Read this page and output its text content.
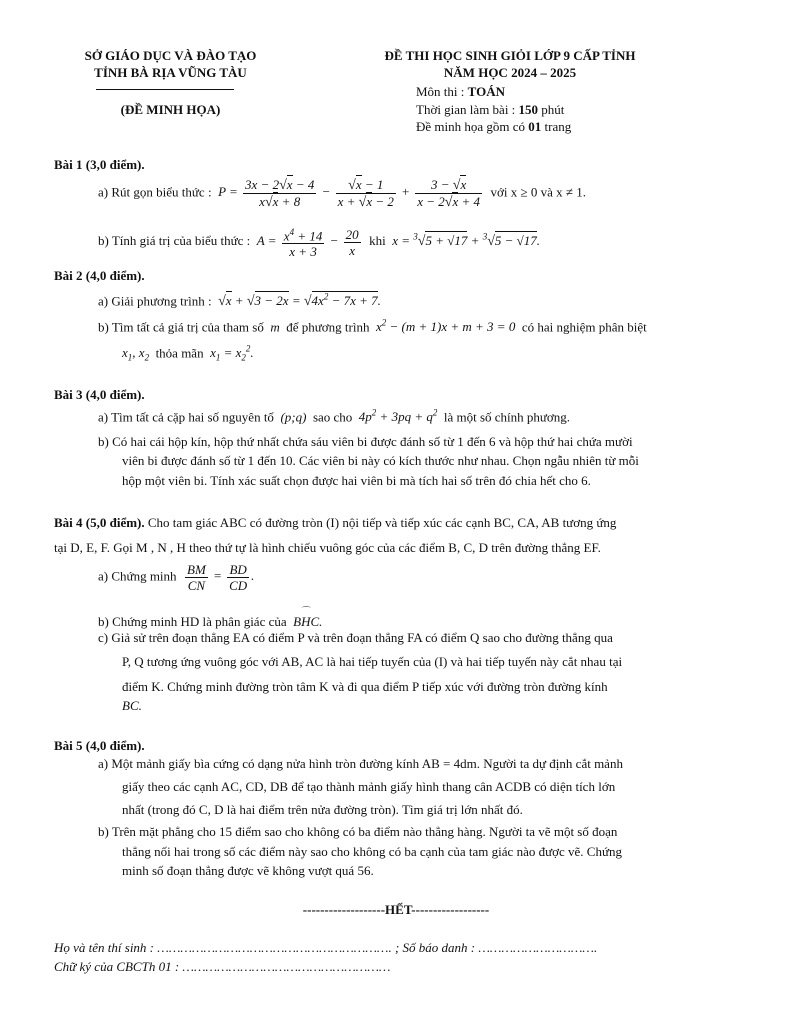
SỞ GIÁO DỤC VÀ ĐÀO TẠO
TỈNH BÀ RỊA VŨNG TÀU
(ĐỀ MINH HỌA)
ĐỀ THI HỌC SINH GIỎI LỚP 9 CẤP TỈNH
NĂM HỌC 2024 – 2025
Môn thi : TOÁN
Thời gian làm bài : 150 phút
Đề minh họa gồm có 01 trang
Bài 1 (3,0 điểm).
a) Rút gọn biểu thức :  $P = \frac{3x - 2√x - 4}{x√x + 8} - \frac{√x - 1}{x + √x - 2} + \frac{3 - √x}{x - 2√x + 4}$ với x ≥ 0 và x ≠ 1.
b) Tính giá trị của biểu thức :  $A = \frac{x^4 + 14}{x + 3} - \frac{20}{x}$ khi  x = $^3$√5 + √17 + $^3$√5 − √17.
Bài 2 (4,0 điểm).
a) Giải phương trình : $√x + √3 - 2x = √4x^2 - 7x + 7$.
b) Tìm tất cả giá trị của tham số  m  để phương trình  $x^2 - (m + 1)x + m + 3 = 0$  có hai nghiệm phân biệt
$x_1$, $x_2$ thỏa mãn  $x_1 = x_2^2$.
Bài 3 (4,0 điểm).
a) Tìm tất cả cặp hai số nguyên tố  (p;q)  sao cho  $4p^2 + 3pq + q^2$ là một số chính phương.
b) Có hai cái hộp kín, hộp thứ nhất chứa sáu viên bi được đánh số từ 1 đến 6 và hộp thứ hai chứa mười
viên bi được đánh số từ 1 đến 10. Các viên bi này có kích thước như nhau. Chọn ngẫu nhiên từ mỗi
hộp một viên bi. Tính xác suất chọn được hai viên bi mà tích hai số trên đó chia hết cho 6.
Bài 4 (5,0 điểm). Cho tam giác ABC có đường tròn (I) nội tiếp và tiếp xúc các cạnh BC, CA, AB tương ứng
tại D, E, F. Gọi M , N , H theo thứ tự là hình chiếu vuông góc của các điểm B, C, D trên đường thẳng EF.
a) Chứng minh $\frac{BM}{CN} = \frac{BD}{CD}$ .
b) Chứng minh HD là phân giác của
⌒
BHC.
c) Giả sử trên đoạn thẳng EA có điểm P và trên đoạn thẳng FA có điểm Q sao cho đường thẳng qua
P, Q tương ứng vuông góc với AB, AC là hai tiếp tuyến của (I) và hai tiếp tuyến này cắt nhau tại
điểm K. Chứng minh đường tròn tâm K và đi qua điểm P tiếp xúc với đường tròn đường kính
BC.
Bài 5 (4,0 điểm).
a) Một mảnh giấy bìa cứng có dạng nửa hình tròn đường kính AB = 4dm. Người ta dự định cắt mảnh
giấy theo các cạnh AC, CD, DB để tạo thành mảnh giấy hình thang cân ACDB có diện tích lớn
nhất (trong đó C, D là hai điểm trên nửa đường tròn). Tìm giá trị lớn nhất đó.
b) Trên mặt phẳng cho 15 điểm sao cho không có ba điểm nào thẳng hàng. Người ta vẽ một số đoạn
thẳng nối hai trong số các điểm này sao cho không có ba cạnh của tam giác nào được vẽ. Chứng
minh số đoạn thẳng được vẽ không vượt quá 56.
-------------------HẾT------------------
Họ và tên thí sinh : ……………………………………………………. ; Số báo danh : ………………………….
Chữ ký của CBCTh 01 : ………………………………………………
